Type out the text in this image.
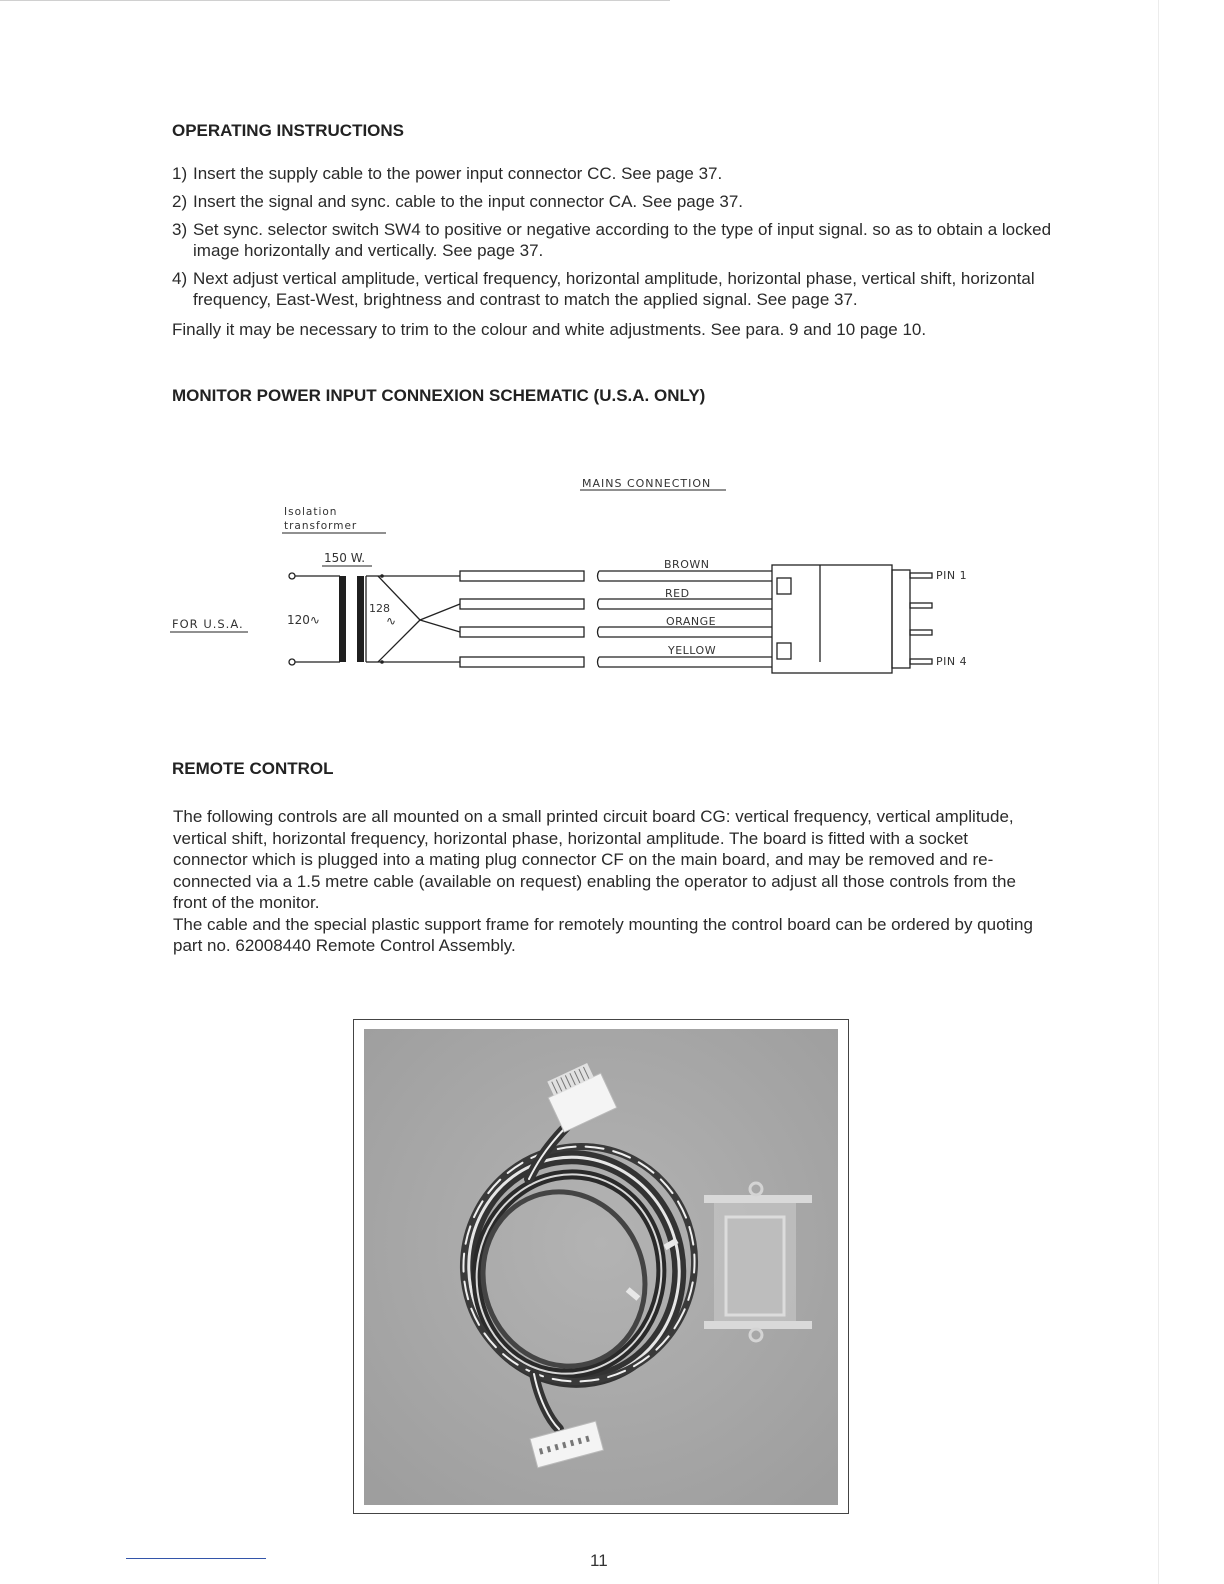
OPERATING INSTRUCTIONS
1) Insert the supply cable to the power input connector CC. See page 37.
2) Insert the signal and sync. cable to the input connector CA. See page 37.
3) Set sync. selector switch SW4 to positive or negative according to the type of input signal. so as to obtain a locked image horizontally and vertically. See page 37.
4) Next adjust vertical amplitude, vertical frequency, horizontal amplitude, horizontal phase, vertical shift, horizontal frequency, East-West, brightness and contrast to match the applied signal. See page 37.

Finally it may be necessary to trim to the colour and white adjustments. See para. 9 and 10 page 10.

MONITOR POWER INPUT CONNEXION SCHEMATIC (U.S.A. ONLY)
MAINS CONNECTION
Isolation
transformer
150 W.
FOR U.S.A.	120∿
128
∿
BROWN
RED
ORANGE
YELLOW
PIN 1
PIN 4
REMOTE CONTROL

The following controls are all mounted on a small printed circuit board CG: vertical frequency, vertical amplitude, vertical shift, horizontal frequency, horizontal phase, horizontal amplitude. The board is fitted with a socket connector which is plugged into a mating plug connector CF on the main board, and may be removed and re-connected via a 1.5 metre cable (available on request) enabling the operator to adjust all those controls from the front of the monitor.
The cable and the special plastic support frame for remotely mounting the control board can be ordered by quoting part no. 62008440 Remote Control Assembly.

11
